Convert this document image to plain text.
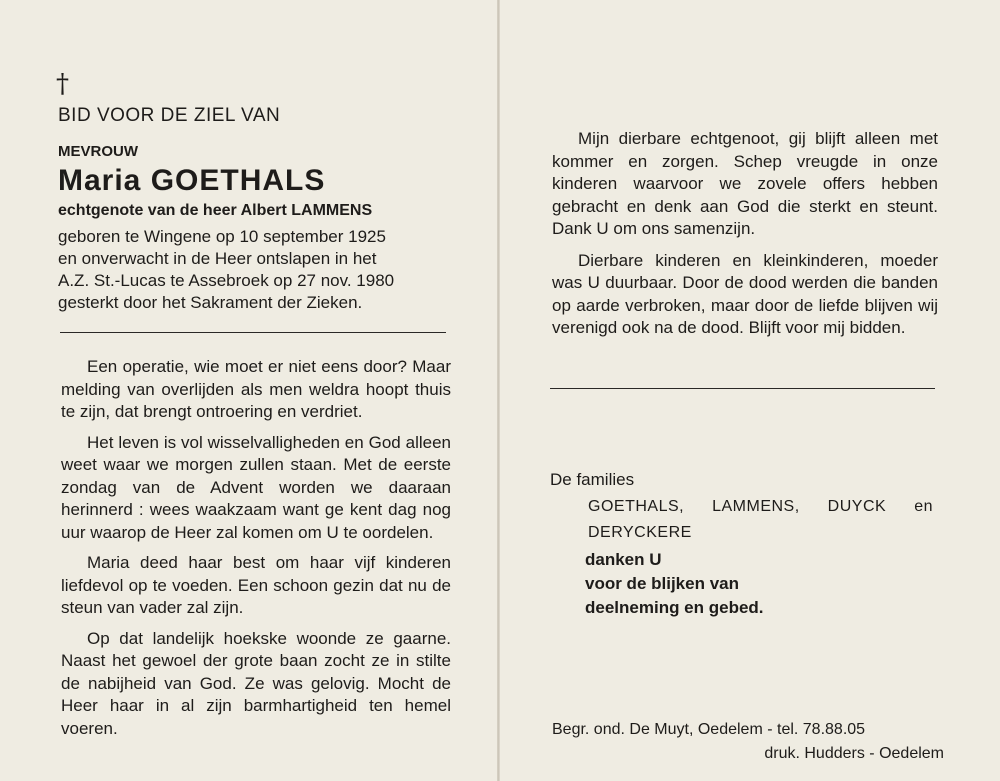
†
BID VOOR DE ZIEL VAN
MEVROUW
Maria GOETHALS
echtgenote van de heer Albert LAMMENS
geboren te Wingene op 10 september 1925
en onverwacht in de Heer ontslapen in het
A.Z. St.-Lucas te Assebroek op 27 nov. 1980
gesterkt door het Sakrament der Zieken.

Een operatie, wie moet er niet eens door? Maar melding van overlijden als men weldra hoopt thuis te zijn, dat brengt ontroering en verdriet.

Het leven is vol wisselvalligheden en God alleen weet waar we morgen zullen staan. Met de eerste zondag van de Advent worden we daaraan herinnerd : wees waakzaam want ge kent dag nog uur waarop de Heer zal komen om U te oordelen.

Maria deed haar best om haar vijf kinderen liefdevol op te voeden. Een schoon gezin dat nu de steun van vader zal zijn.

Op dat landelijk hoekske woonde ze gaarne. Naast het gewoel der grote baan zocht ze in stilte de nabijheid van God. Ze was gelovig. Mocht de Heer haar in al zijn barmhartigheid ten hemel voeren.

Mijn dierbare echtgenoot, gij blijft alleen met kommer en zorgen. Schep vreugde in onze kinderen waarvoor we zovele offers hebben gebracht en denk aan God die sterkt en steunt. Dank U om ons samenzijn.

Dierbare kinderen en kleinkinderen, moeder was U duurbaar. Door de dood werden die banden op aarde verbroken, maar door de liefde blijven wij verenigd ook na de dood. Blijft voor mij bidden.

De families
GOETHALS, LAMMENS, DUYCK en
DERYCKERE
danken U
voor de blijken van
deelneming en gebed.
Begr. ond. De Muyt, Oedelem - tel. 78.88.05
druk. Hudders - Oedelem
